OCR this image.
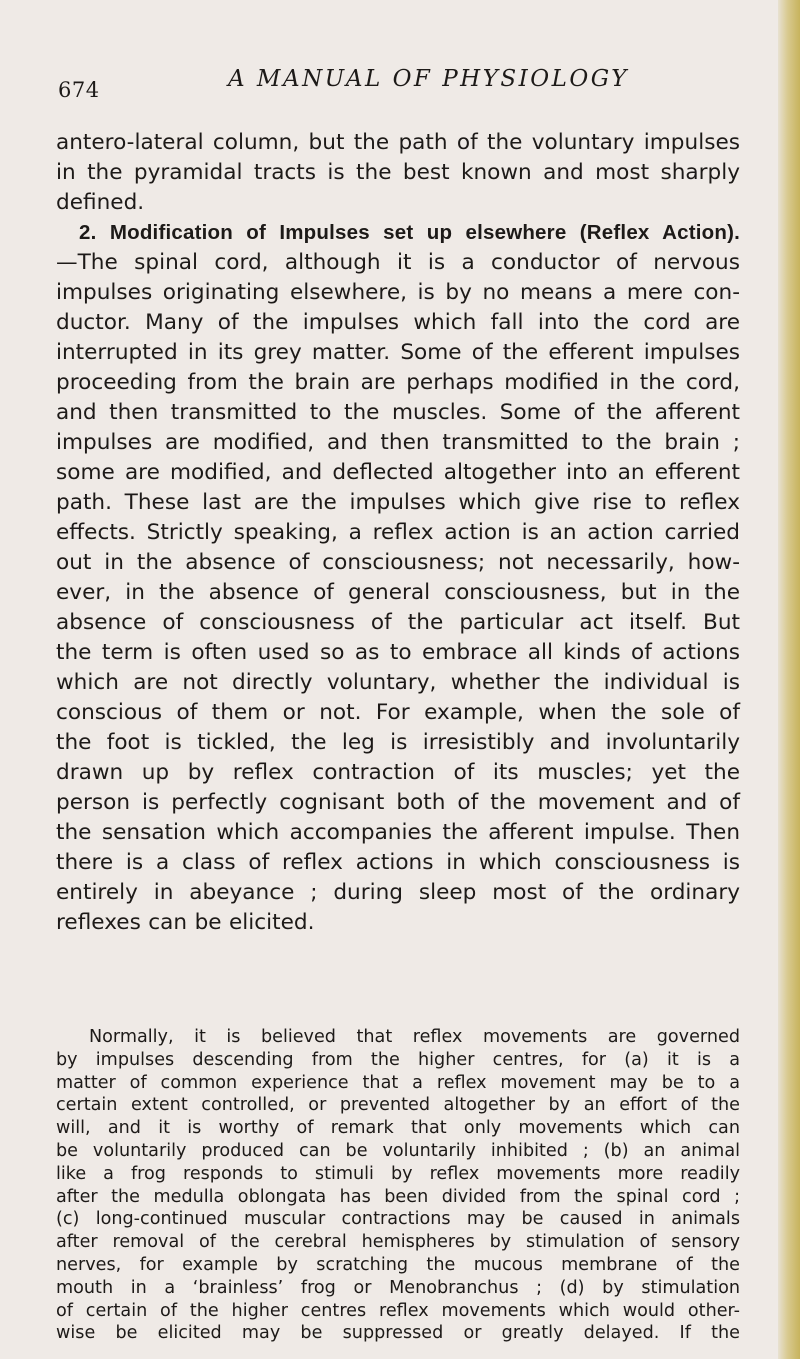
674	A MANUAL OF PHYSIOLOGY
antero-lateral column, but the path of the voluntary impulses
in the pyramidal tracts is the best known and most sharply
defined.
2. Modification of Impulses set up elsewhere (Reflex Action).
—The spinal cord, although it is a conductor of nervous
impulses originating elsewhere, is by no means a mere con-
ductor. Many of the impulses which fall into the cord are
interrupted in its grey matter. Some of the efferent impulses
proceeding from the brain are perhaps modified in the cord,
and then transmitted to the muscles. Some of the afferent
impulses are modified, and then transmitted to the brain ;
some are modified, and deflected altogether into an efferent
path. These last are the impulses which give rise to reflex
effects. Strictly speaking, a reflex action is an action carried
out in the absence of consciousness; not necessarily, how-
ever, in the absence of general consciousness, but in the
absence of consciousness of the particular act itself. But
the term is often used so as to embrace all kinds of actions
which are not directly voluntary, whether the individual is
conscious of them or not. For example, when the sole of
the foot is tickled, the leg is irresistibly and involuntarily
drawn up by reflex contraction of its muscles; yet the
person is perfectly cognisant both of the movement and of
the sensation which accompanies the afferent impulse. Then
there is a class of reflex actions in which consciousness is
entirely in abeyance ; during sleep most of the ordinary
reflexes can be elicited.
Normally, it is believed that reflex movements are governed
by impulses descending from the higher centres, for (a) it is a
matter of common experience that a reflex movement may be to a
certain extent controlled, or prevented altogether by an effort of the
will, and it is worthy of remark that only movements which can
be voluntarily produced can be voluntarily inhibited ; (b) an animal
like a frog responds to stimuli by reflex movements more readily
after the medulla oblongata has been divided from the spinal cord ;
(c) long-continued muscular contractions may be caused in animals
after removal of the cerebral hemispheres by stimulation of sensory
nerves, for example by scratching the mucous membrane of the
mouth in a ‘brainless’ frog or Menobranchus ; (d) by stimulation
of certain of the higher centres reflex movements which would other-
wise be elicited may be suppressed or greatly delayed. If the
